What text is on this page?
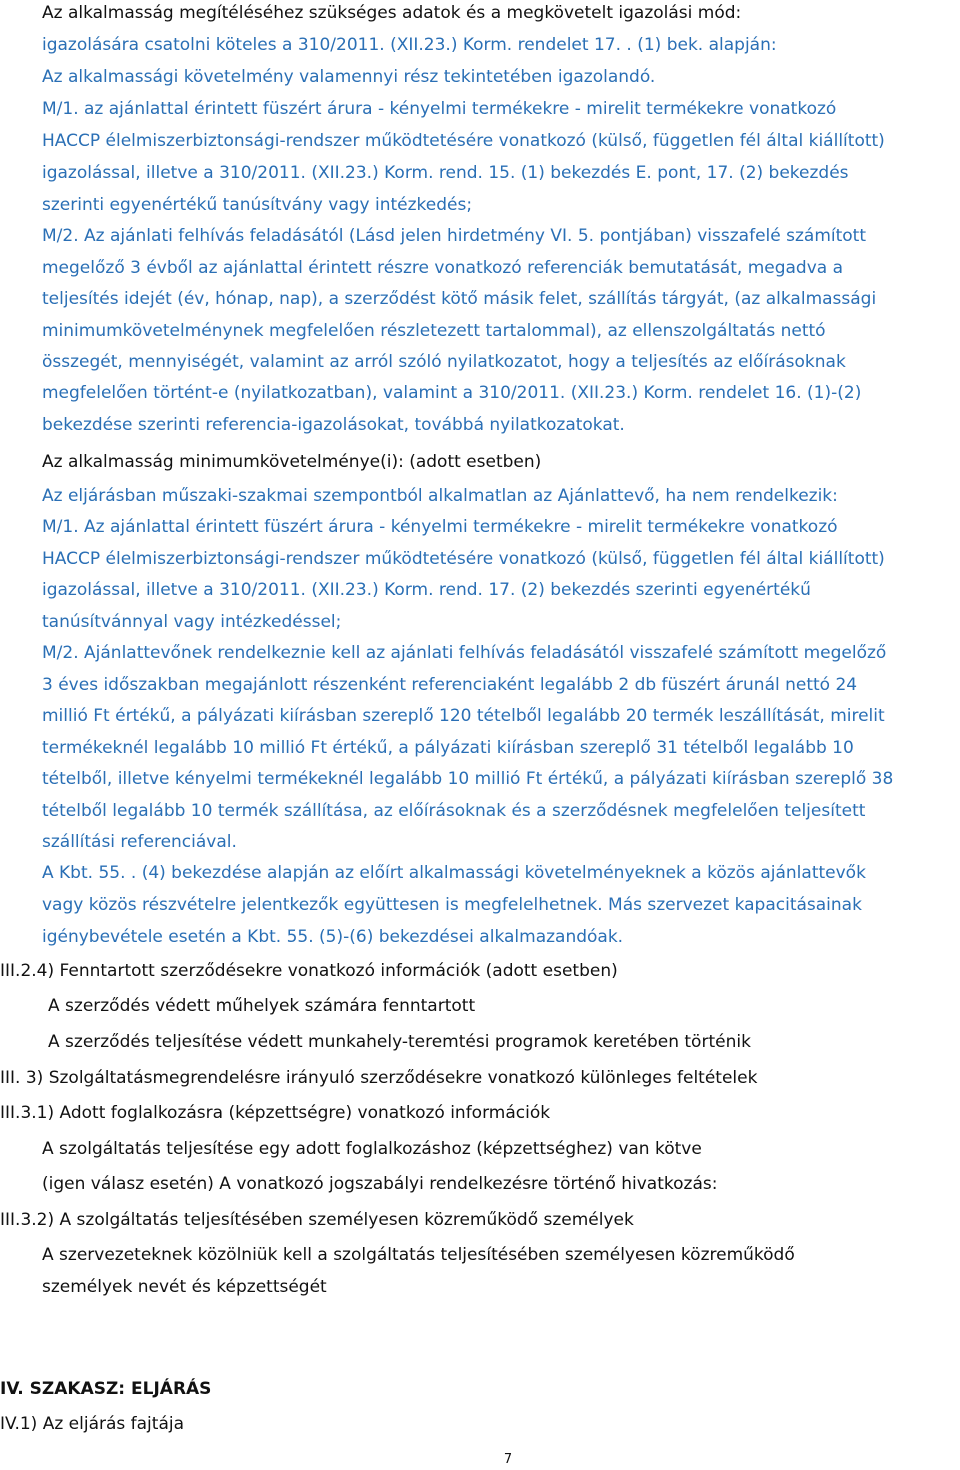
Az alkalmasság megítéléséhez szükséges adatok és a megkövetelt igazolási mód:
igazolására csatolni köteles a 310/2011. (XII.23.) Korm. rendelet 17. . (1) bek. alapján:
Az alkalmassági követelmény valamennyi rész tekintetében igazolandó.
M/1. az ajánlattal érintett füszért árura - kényelmi termékekre - mirelit termékekre vonatkozó
HACCP élelmiszerbiztonsági-rendszer működtetésére vonatkozó (külső, független fél által kiállított)
igazolással, illetve a 310/2011. (XII.23.) Korm. rend. 15. (1) bekezdés E. pont, 17. (2) bekezdés
szerinti egyenértékű tanúsítvány vagy intézkedés;
M/2. Az ajánlati felhívás feladásától (Lásd jelen hirdetmény VI. 5. pontjában) visszafelé számított
megelőző 3 évből az ajánlattal érintett részre vonatkozó referenciák bemutatását, megadva a
teljesítés idejét (év, hónap, nap), a szerződést kötő másik felet, szállítás tárgyát, (az alkalmassági
minimumkövetelménynek megfelelően részletezett tartalommal), az ellenszolgáltatás nettó
összegét, mennyiségét, valamint az arról szóló nyilatkozatot, hogy a teljesítés az előírásoknak
megfelelően történt-e (nyilatkozatban), valamint a 310/2011. (XII.23.) Korm. rendelet 16. (1)-(2)
bekezdése szerinti referencia-igazolásokat, továbbá nyilatkozatokat.
Az alkalmasság minimumkövetelménye(i): (adott esetben)
Az eljárásban műszaki-szakmai szempontból alkalmatlan az Ajánlattevő, ha nem rendelkezik:
M/1. Az ajánlattal érintett füszért árura - kényelmi termékekre - mirelit termékekre vonatkozó
HACCP élelmiszerbiztonsági-rendszer működtetésére vonatkozó (külső, független fél által kiállított)
igazolással, illetve a 310/2011. (XII.23.) Korm. rend. 17. (2) bekezdés szerinti egyenértékű
tanúsítvánnyal vagy intézkedéssel;
M/2. Ajánlattevőnek rendelkeznie kell az ajánlati felhívás feladásától visszafelé számított megelőző
3 éves időszakban megajánlott részenként referenciaként legalább 2 db füszért árunál nettó 24
millió Ft értékű, a pályázati kiírásban szereplő 120 tételből legalább 20 termék leszállítását, mirelit
termékeknél legalább 10 millió Ft értékű, a pályázati kiírásban szereplő 31 tételből legalább 10
tételből, illetve kényelmi termékeknél legalább 10 millió Ft értékű, a pályázati kiírásban szereplő 38
tételből legalább 10 termék szállítása, az előírásoknak és a szerződésnek megfelelően teljesített
szállítási referenciával.
A Kbt. 55. . (4) bekezdése alapján az előírt alkalmassági követelményeknek a közös ajánlattevők
vagy közös részvételre jelentkezők együttesen is megfelelhetnek. Más szervezet kapacitásainak
igénybevétele esetén a Kbt. 55. (5)-(6) bekezdései alkalmazandóak.
III.2.4) Fenntartott szerződésekre vonatkozó információk (adott esetben)
A szerződés védett műhelyek számára fenntartott
A szerződés teljesítése védett munkahely-teremtési programok keretében történik
III. 3) Szolgáltatásmegrendelésre irányuló szerződésekre vonatkozó különleges feltételek
III.3.1) Adott foglalkozásra (képzettségre) vonatkozó információk
A szolgáltatás teljesítése egy adott foglalkozáshoz (képzettséghez) van kötve
(igen válasz esetén) A vonatkozó jogszabályi rendelkezésre történő hivatkozás:
III.3.2) A szolgáltatás teljesítésében személyesen közreműködő személyek
A szervezeteknek közölniük kell a szolgáltatás teljesítésében személyesen közreműködő
személyek nevét és képzettségét
IV. SZAKASZ: ELJÁRÁS
IV.1) Az eljárás fajtája
7
